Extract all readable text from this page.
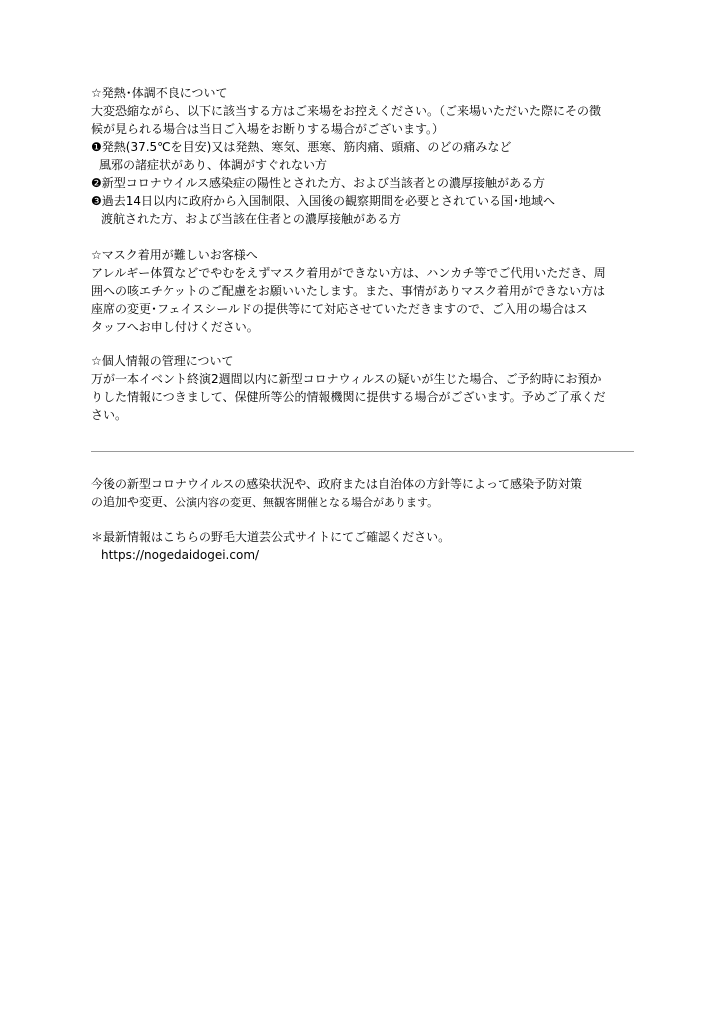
☆発熱･体調不良について
大変恐縮ながら、以下に該当する方はご来場をお控えください。（ご来場いただいた際にその徴
候が見られる場合は当日ご入場をお断りする場合がございます。）
❶発熱(37.5℃を目安)又は発熱、寒気、悪寒、筋肉痛、頭痛、のどの痛みなど
風邪の諸症状があり、体調がすぐれない方
❷新型コロナウイルス感染症の陽性とされた方、および当該者との濃厚接触がある方
❸過去14日以内に政府から入国制限、入国後の観察期間を必要とされている国･地域へ
渡航された方、および当該在住者との濃厚接触がある方
☆マスク着用が難しいお客様へ
アレルギー体質などでやむをえずマスク着用ができない方は、ハンカチ等でご代用いただき、周
囲への咳エチケットのご配慮をお願いいたします。また、事情がありマスク着用ができない方は
座席の変更･フェイスシールドの提供等にて対応させていただきますので、ご入用の場合はス
タッフへお申し付けください。
☆個人情報の管理について
万が一本イベント終演2週間以内に新型コロナウィルスの疑いが生じた場合、ご予約時にお預か
りした情報につきまして、保健所等公的情報機関に提供する場合がございます。予めご了承くだ
さい。
今後の新型コロナウイルスの感染状況や、政府または自治体の方針等によって感染予防対策
の追加や変更、公演内容の変更、無観客開催となる場合があります。
＊最新情報はこちらの野毛大道芸公式サイトにてご確認ください。
https://nogedaidogei.com/
